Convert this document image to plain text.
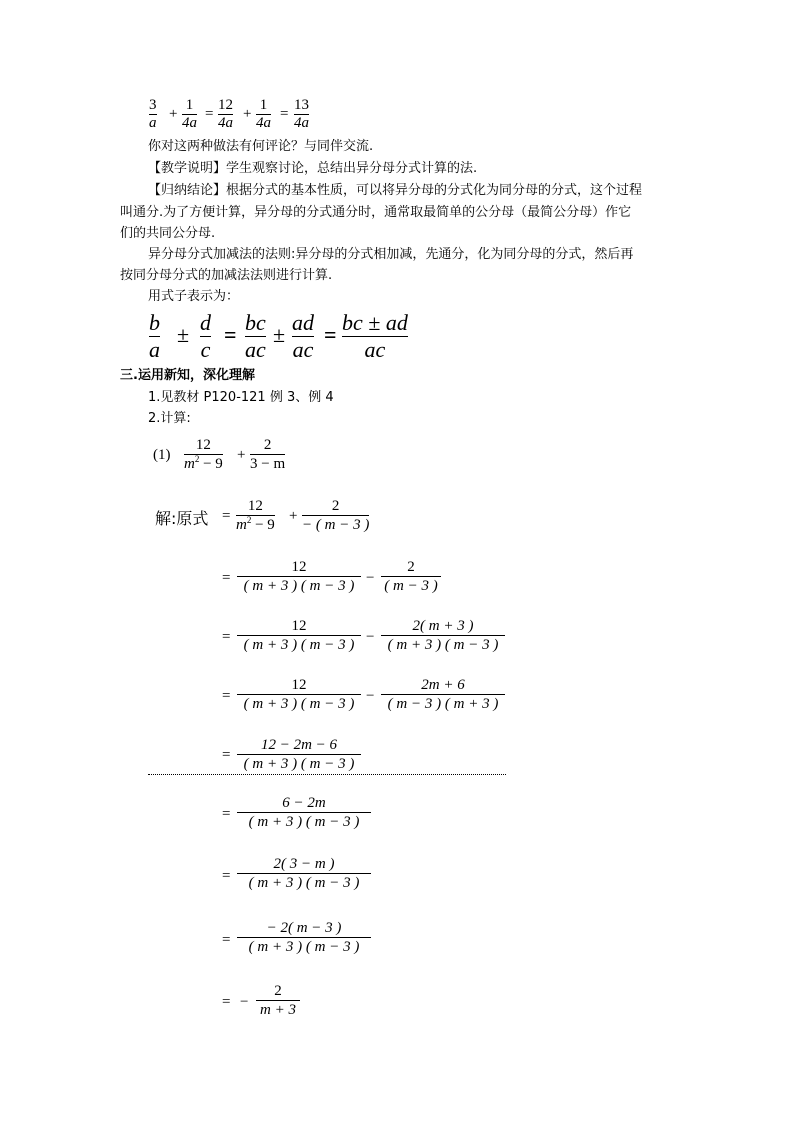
3
a
+
1
4a
=
12
4a
+
1
4a
=
13
4a
你对这两种做法有何评论？与同伴交流.
【教学说明】学生观察讨论，总结出异分母分式计算的法.
【归纳结论】根据分式的基本性质，可以将异分母的分式化为同分母的分式，这个过程
叫通分.为了方便计算，异分母的分式通分时，通常取最简单的公分母（最简公分母）作它
们的共同公分母.
异分母分式加减法的法则:异分母的分式相加减，先通分，化为同分母的分式，然后再
按同分母分式的加减法法则进行计算.
用式子表示为：
b
a
± d
c
= bc
ac
± ad
ac
= bc ± ad
ac
三.运用新知，深化理解
1.见教材 P120-121 例 3、例 4
2.计算:
(1)
12
$m^2 - 9$
+
2
3 − m
解:原式 =
12
$m^2 - 9$
+
2
− ( m − 3 )
=
12
( m + 3 ) ( m − 3 ) −
2
( m − 3 )
=
12
( m + 3 ) ( m − 3 ) −
2( m + 3 )
( m + 3 ) ( m − 3 )
=
12
( m + 3 ) ( m − 3 ) −
2m + 6
( m − 3 ) ( m + 3 )
=
12 − 2m − 6
( m + 3 ) ( m − 3 )
=
6 − 2m
( m + 3 ) ( m − 3 )
=
2( 3 − m )
( m + 3 ) ( m − 3 )
=
− 2( m − 3 )
( m + 3 ) ( m − 3 )
= −
2
m + 3
